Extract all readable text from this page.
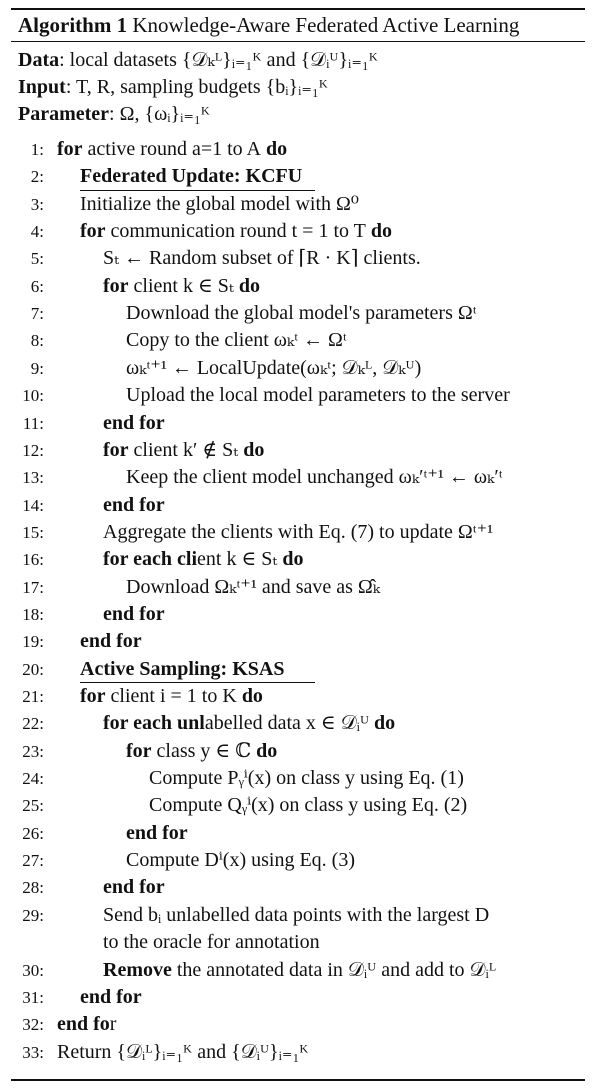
Algorithm 1 Knowledge-Aware Federated Active Learning
Data: local datasets {𝒟ₖᴸ}ᵢ₌₁ᴷ and {𝒟ᵢᵁ}ᵢ₌₁ᴷ
Input: T, R, sampling budgets {bᵢ}ᵢ₌₁ᴷ
Parameter: Ω, {ωᵢ}ᵢ₌₁ᴷ
1: for active round a=1 to A do
2: Federated Update: KCFU
3: Initialize the global model with Ω⁰
4: for communication round t = 1 to T do
5:	Sₜ ← Random subset of ⌈R · K⌉ clients.
6:	for client k ∈ Sₜ do
7:	Download the global model's parameters Ωᵗ
8:	Copy to the client ωₖᵗ ← Ωᵗ
9:	ωₖᵗ⁺¹ ← LocalUpdate(ωₖᵗ; 𝒟ₖᴸ, 𝒟ₖᵁ)
10:	Upload the local model parameters to the server
11:	end for
12:	for client k′ ∉ Sₜ do
13:	Keep the client model unchanged ωₖ′ᵗ⁺¹ ← ωₖ′ᵗ
14:	end for
15:	Aggregate the clients with Eq. (7) to update Ωᵗ⁺¹
16:	for each client k ∈ Sₜ do
17:	Download Ωₖᵗ⁺¹ and save as Ω̂ₖ
18:	end for
19: end for
20: Active Sampling: KSAS
21: for client i = 1 to K do
22:	for each unlabelled data x ∈ 𝒟ᵢᵁ do
23:	for class y ∈ ℂ do
24:	Compute Pᵧⁱ(x) on class y using Eq. (1)
25:	Compute Qᵧⁱ(x) on class y using Eq. (2)
26:	end for
27:	Compute Dⁱ(x) using Eq. (3)
28:	end for
29:	Send bᵢ unlabelled data points with the largest D
to the oracle for annotation
30:	Remove the annotated data in 𝒟ᵢᵁ and add to 𝒟ᵢᴸ
31: end for
32: end for
33: Return {𝒟ᵢᴸ}ᵢ₌₁ᴷ and {𝒟ᵢᵁ}ᵢ₌₁ᴷ
